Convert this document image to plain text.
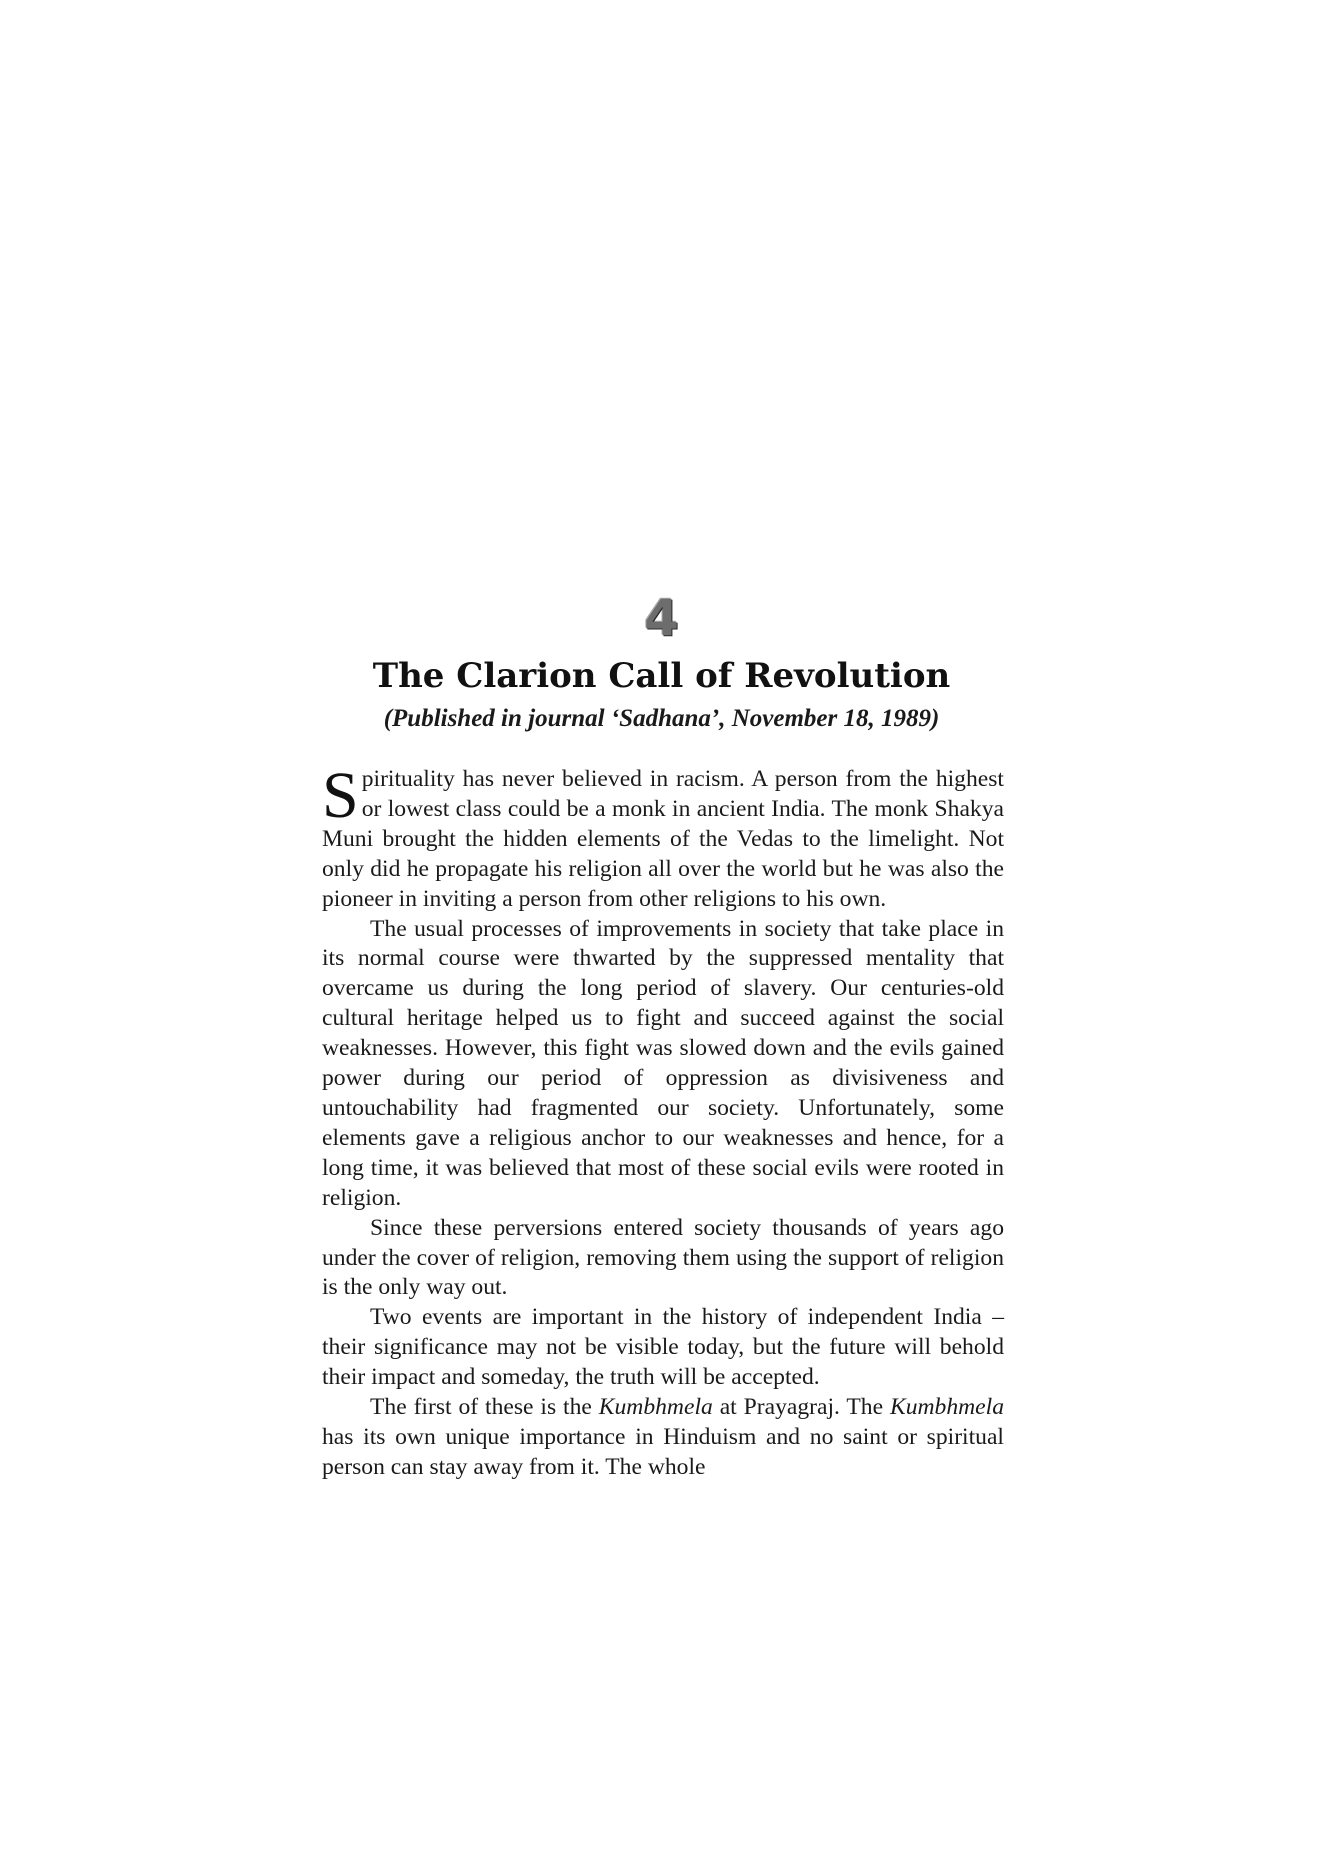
4
The Clarion Call of Revolution
(Published in journal ‘Sadhana’, November 18, 1989)

Spirituality has never believed in racism. A person from the highest or lowest class could be a monk in ancient India. The monk Shakya Muni brought the hidden elements of the Vedas to the limelight. Not only did he propagate his religion all over the world but he was also the pioneer in inviting a person from other religions to his own.

The usual processes of improvements in society that take place in its normal course were thwarted by the suppressed mentality that overcame us during the long period of slavery. Our centuries-old cultural heritage helped us to fight and succeed against the social weaknesses. However, this fight was slowed down and the evils gained power during our period of oppression as divisiveness and untouchability had fragmented our society. Unfortunately, some elements gave a religious anchor to our weaknesses and hence, for a long time, it was believed that most of these social evils were rooted in religion.

Since these perversions entered society thousands of years ago under the cover of religion, removing them using the support of religion is the only way out.

Two events are important in the history of independent India – their significance may not be visible today, but the future will behold their impact and someday, the truth will be accepted.

The first of these is the Kumbhmela at Prayagraj. The Kumbhmela has its own unique importance in Hinduism and no saint or spiritual person can stay away from it. The whole
